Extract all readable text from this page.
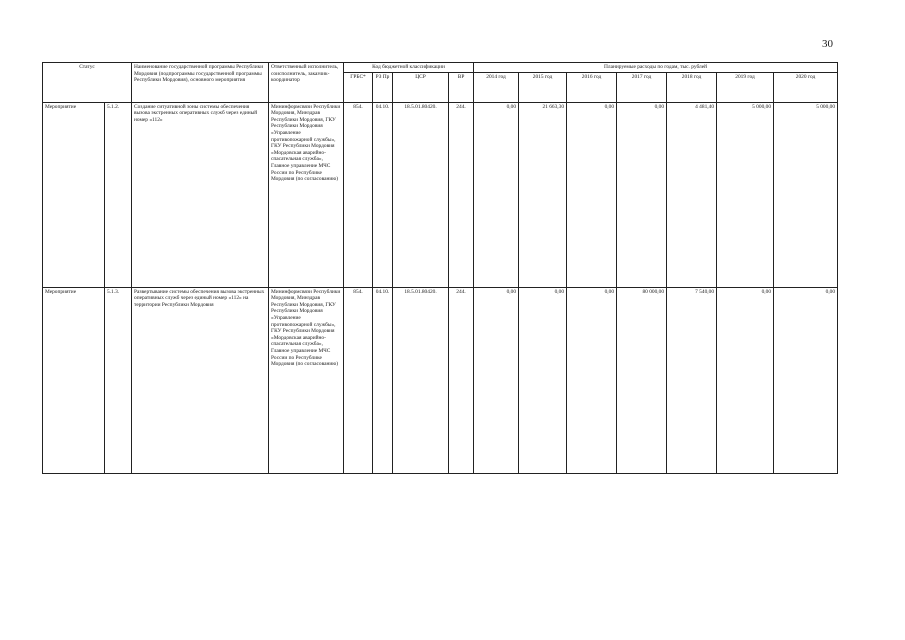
30
Статус		Наименование государственной программы Республики Мордовия (подпрограммы государственной программы Республики Мордовия), основного мероприятия	Ответственный исполнитель, соисполнитель, заказчик-координатор	Код бюджетной классификации				Планируемые расходы по годам, тыс. рублей						
				ГРБС*	РЗ Пр	ЦСР	ВР	2014 год	2015 год	2016 год	2017 год	2018 год	2019 год	2020 год
Мероприятие	5.1.2.	Создание ситуативной зоны системы обеспечения вызова экстренных оперативных служб через единый номер «112»	Мининформсвязи Республики Мордовия, Минздрав Республики Мордовия, ГКУ Республики Мордовия «Управление противопожарной службы», ГКУ Республики Мордовия «Мордовская аварийно-спасательная служба», Главное управление МЧС России по Республике Мордовия (по согласованию)	854.	04.10.	18.5.01.80420.	244.	0,00	21 663,30	0,00	0,00	4 481,40	5 000,00	5 000,00
Мероприятие	5.1.3.	Развертывание системы обеспечения вызова экстренных оперативных служб через единый номер «112» на территории Республики Мордовия	Мининформсвязи Республики Мордовия, Минздрав Республики Мордовия, ГКУ Республики Мордовия «Управление противопожарной службы», ГКУ Республики Мордовия «Мордовская аварийно-спасательная служба», Главное управление МЧС России по Республике Мордовия (по согласованию)	854.	04.10.	18.5.01.80420.	244.	0,00	0,00	0,00	80 000,00	7 540,00	0,00	0,00
